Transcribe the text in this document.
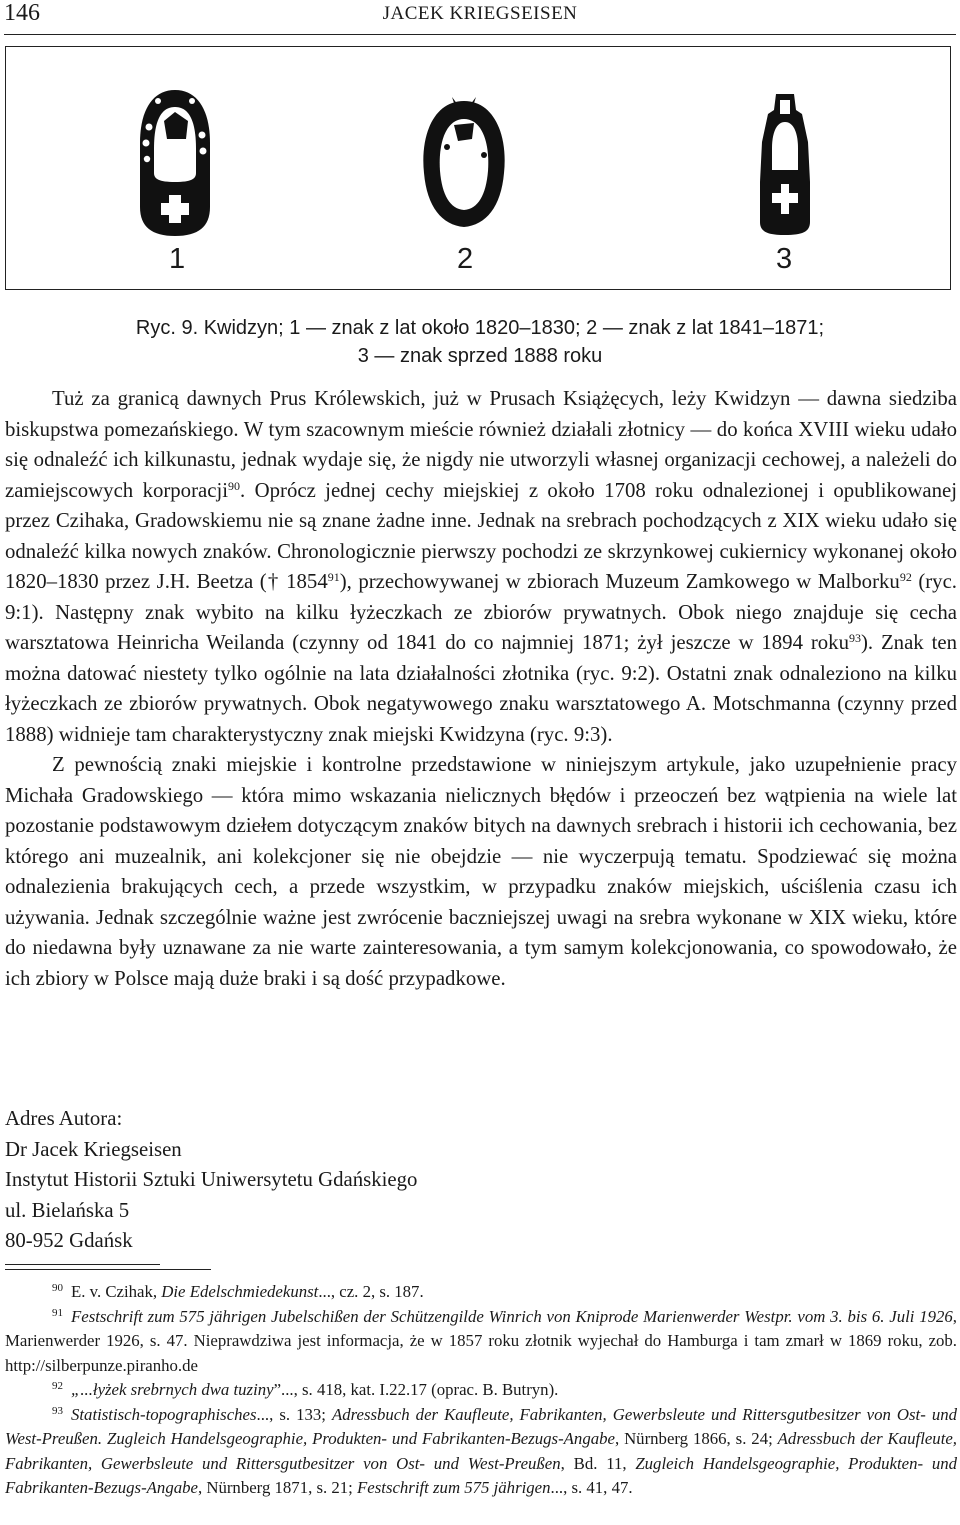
146	JACEK KRIEGSEISEN
1	2	3
Ryc. 9. Kwidzyn; 1 — znak z lat około 1820–1830; 2 — znak z lat 1841–1871;
3 — znak sprzed 1888 roku

Tuż za granicą dawnych Prus Królewskich, już w Prusach Książęcych, leży Kwidzyn — dawna siedziba biskupstwa pomezańskiego. W tym szacownym mieście również działali złotnicy — do końca XVIII wieku udało się odnaleźć ich kilkunastu, jednak wydaje się, że nigdy nie utworzyli własnej organizacji cechowej, a należeli do zamiejscowych korporacji$^{90}$. Oprócz jednej cechy miejskiej z około 1708 roku odnalezionej i opublikowanej przez Czihaka, Gradowskiemu nie są znane żadne inne. Jednak na srebrach pochodzących z XIX wieku udało się odnaleźć kilka nowych znaków. Chronologicznie pierwszy pochodzi ze skrzynkowej cukiernicy wykonanej około 1820–1830 przez J.H. Beetza († 1854$^{91}$), przechowywanej w zbiorach Muzeum Zamkowego w Malborku$^{92}$ (ryc. 9:1). Następny znak wybito na kilku łyżeczkach ze zbiorów prywatnych. Obok niego znajduje się cecha warsztatowa Heinricha Weilanda (czynny od 1841 do co najmniej 1871; żył jeszcze w 1894 roku$^{93}$). Znak ten można datować niestety tylko ogólnie na lata działalności złotnika (ryc. 9:2). Ostatni znak odnaleziono na kilku łyżeczkach ze zbiorów prywatnych. Obok negatywowego znaku warsztatowego A. Motschmanna (czynny przed 1888) widnieje tam charakterystyczny znak miejski Kwidzyna (ryc. 9:3).

Z pewnością znaki miejskie i kontrolne przedstawione w niniejszym artykule, jako uzupełnienie pracy Michała Gradowskiego — która mimo wskazania nielicznych błędów i przeoczeń bez wątpienia na wiele lat pozostanie podstawowym dziełem dotyczącym znaków bitych na dawnych srebrach i historii ich cechowania, bez którego ani muzealnik, ani kolekcjoner się nie obejdzie — nie wyczerpują tematu. Spodziewać się można odnalezienia brakujących cech, a przede wszystkim, w przypadku znaków miejskich, uściślenia czasu ich używania. Jednak szczególnie ważne jest zwrócenie baczniejszej uwagi na srebra wykonane w XIX wieku, które do niedawna były uznawane za nie warte zainteresowania, a tym samym kolekcjonowania, co spowodowało, że ich zbiory w Polsce mają duże braki i są dość przypadkowe.

Adres Autora:
Dr Jacek Kriegseisen
Instytut Historii Sztuki Uniwersytetu Gdańskiego
ul. Bielańska 5
80-952 Gdańsk

$^{90}$ E. v. Czihak, Die Edelschmiedekunst..., cz. 2, s. 187.

$^{91}$ Festschrift zum 575 jährigen Jubelschißen der Schützengilde Winrich von Kniprode Marienwerder Westpr. vom 3. bis 6. Juli 1926, Marienwerder 1926, s. 47. Nieprawdziwa jest informacja, że w 1857 roku złotnik wyjechał do Hamburga i tam zmarł w 1869 roku, zob. http://silberpunze.piranho.de

$^{92}$ „...łyżek srebrnych dwa tuziny”..., s. 418, kat. I.22.17 (oprac. B. Butryn).

$^{93}$ Statistisch-topographisches..., s. 133; Adressbuch der Kaufleute, Fabrikanten, Gewerbsleute und Rittersgutbesitzer von Ost- und West-Preußen. Zugleich Handelsgeographie, Produkten- und Fabrikanten-Bezugs-Angabe, Nürnberg 1866, s. 24; Adressbuch der Kaufleute, Fabrikanten, Gewerbsleute und Rittersgutbesitzer von Ost- und West-Preußen, Bd. 11, Zugleich Handelsgeographie, Produkten- und Fabrikanten-Bezugs-Angabe, Nürnberg 1871, s. 21; Festschrift zum 575 jährigen..., s. 41, 47.
